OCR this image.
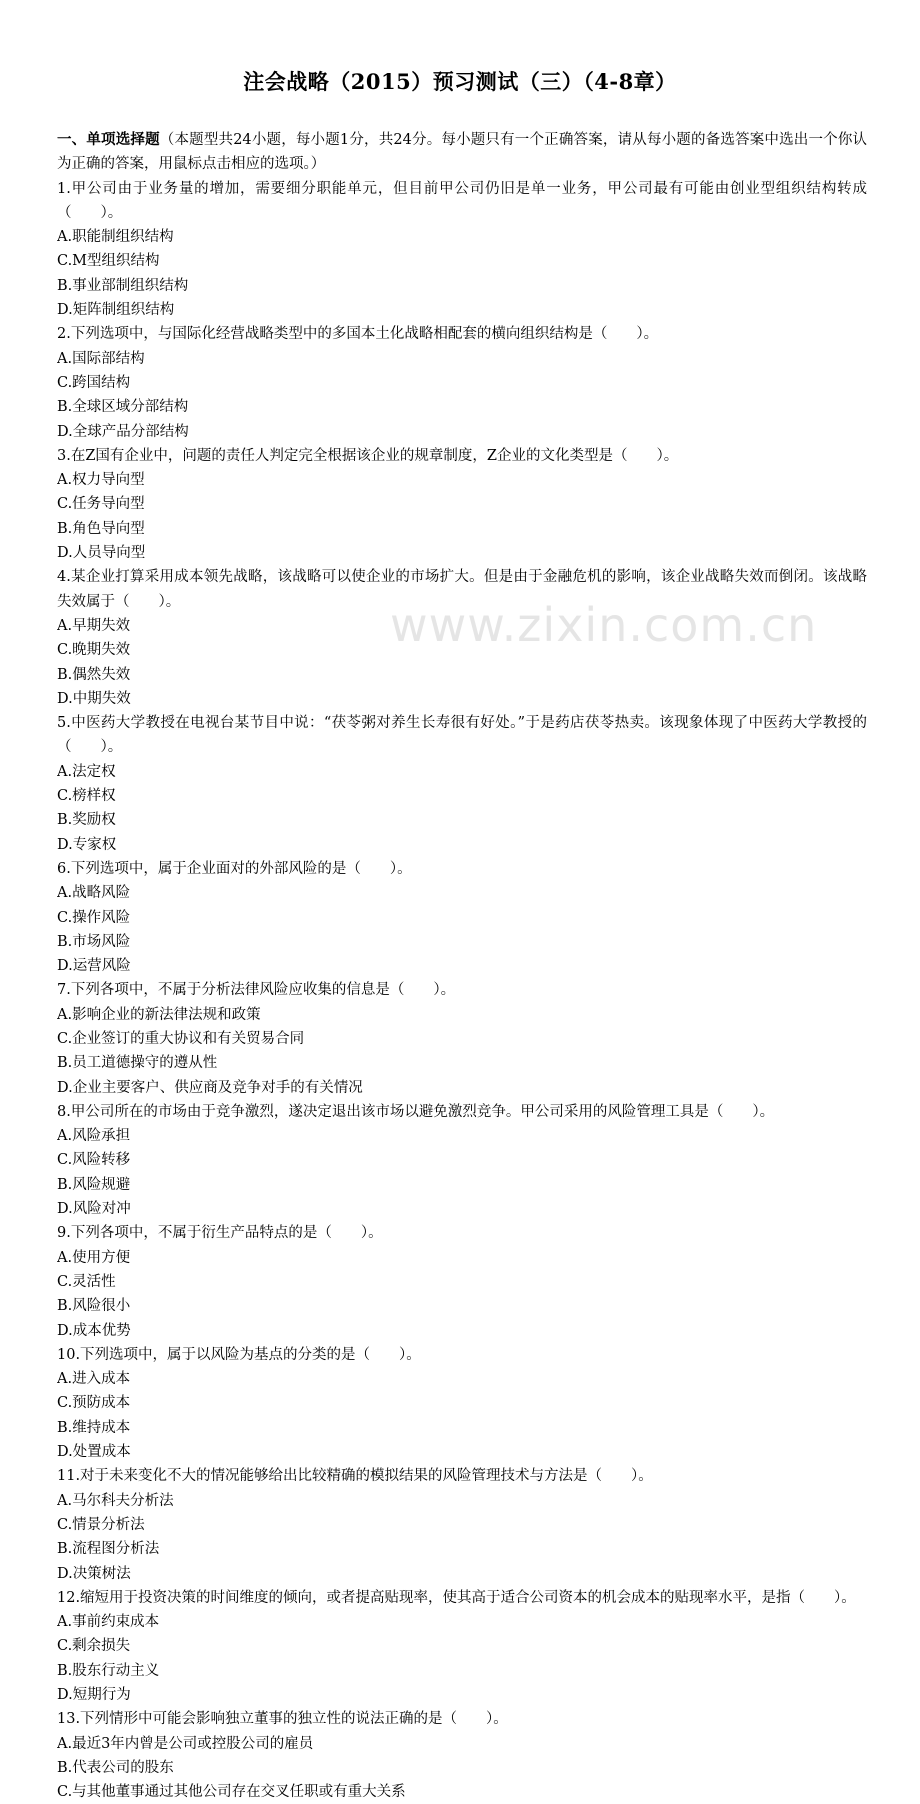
注会战略（2015）预习测试（三）（4-8章）
一、单项选择题（本题型共24小题，每小题1分，共24分。每小题只有一个正确答案，请从每小题的备选答案中选出一个你认为正确的答案，用鼠标点击相应的选项。）
1.甲公司由于业务量的增加，需要细分职能单元，但目前甲公司仍旧是单一业务，甲公司最有可能由创业型组织结构转成（　　）。
A.职能制组织结构
C.M型组织结构
B.事业部制组织结构
D.矩阵制组织结构
2.下列选项中，与国际化经营战略类型中的多国本土化战略相配套的横向组织结构是（　　）。
A.国际部结构
C.跨国结构
B.全球区域分部结构
D.全球产品分部结构
3.在Z国有企业中，问题的责任人判定完全根据该企业的规章制度，Z企业的文化类型是（　　）。
A.权力导向型
C.任务导向型
B.角色导向型
D.人员导向型
4.某企业打算采用成本领先战略，该战略可以使企业的市场扩大。但是由于金融危机的影响，该企业战略失效而倒闭。该战略失效属于（　　）。
A.早期失效
C.晚期失效
B.偶然失效
D.中期失效
5.中医药大学教授在电视台某节目中说：“茯苓粥对养生长寿很有好处。”于是药店茯苓热卖。该现象体现了中医药大学教授的（　　）。
A.法定权
C.榜样权
B.奖励权
D.专家权
6.下列选项中，属于企业面对的外部风险的是（　　）。
A.战略风险
C.操作风险
B.市场风险
D.运营风险
7.下列各项中，不属于分析法律风险应收集的信息是（　　）。
A.影响企业的新法律法规和政策
C.企业签订的重大协议和有关贸易合同
B.员工道德操守的遵从性
D.企业主要客户、供应商及竞争对手的有关情况
8.甲公司所在的市场由于竞争激烈，遂决定退出该市场以避免激烈竞争。甲公司采用的风险管理工具是（　　）。
A.风险承担
C.风险转移
B.风险规避
D.风险对冲
9.下列各项中，不属于衍生产品特点的是（　　）。
A.使用方便
C.灵活性
B.风险很小
D.成本优势
10.下列选项中，属于以风险为基点的分类的是（　　）。
A.进入成本
C.预防成本
B.维持成本
D.处置成本
11.对于未来变化不大的情况能够给出比较精确的模拟结果的风险管理技术与方法是（　　）。
A.马尔科夫分析法
C.情景分析法
B.流程图分析法
D.决策树法
12.缩短用于投资决策的时间维度的倾向，或者提高贴现率，使其高于适合公司资本的机会成本的贴现率水平，是指（　　）。
A.事前约束成本
C.剩余损失
B.股东行动主义
D.短期行为
13.下列情形中可能会影响独立董事的独立性的说法正确的是（　　）。
A.最近3年内曾是公司或控股公司的雇员
B.代表公司的股东
C.与其他董事通过其他公司存在交叉任职或有重大关系
www.zixin.com.cn
